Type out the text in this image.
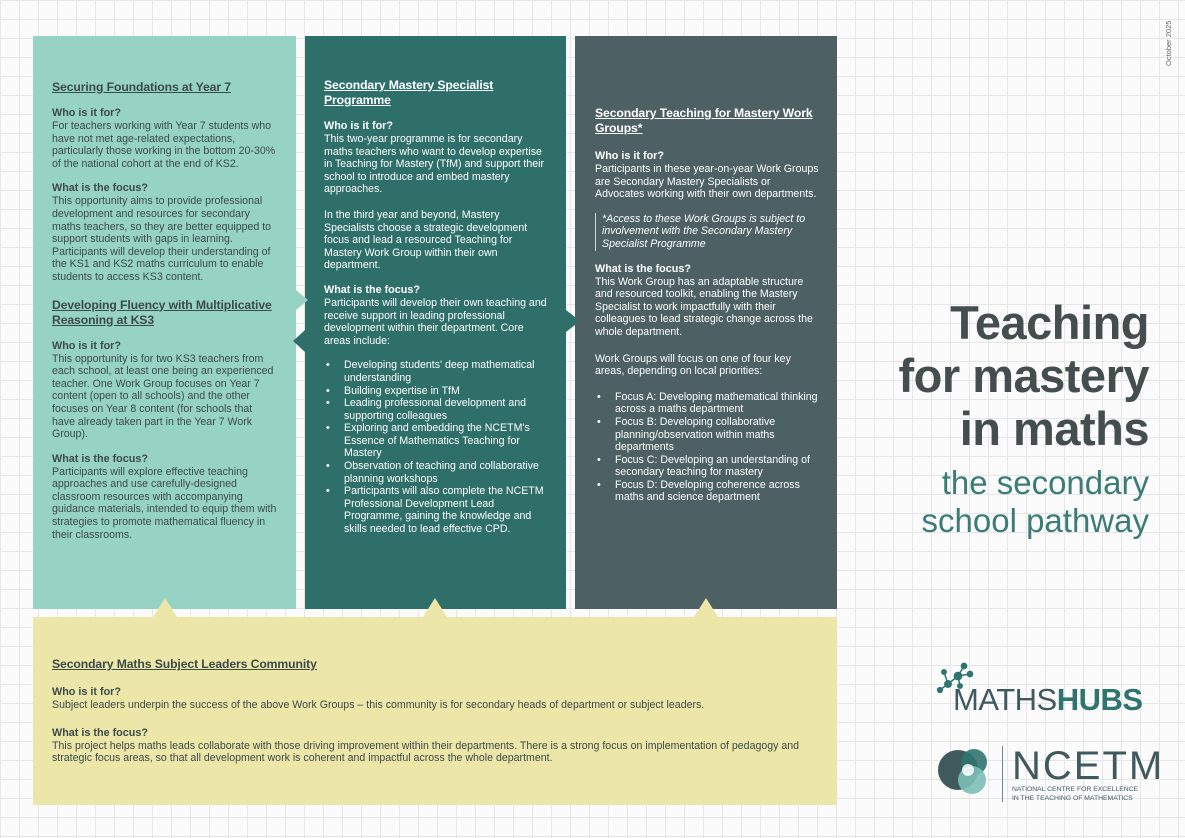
October 2025
Securing Foundations at Year 7
Who is it for?

For teachers working with Year 7 students who have not met age-related expectations, particularly those working in the bottom 20-30% of the national cohort at the end of KS2.

What is the focus?

This opportunity aims to provide professional development and resources for secondary maths teachers, so they are better equipped to support students with gaps in learning. Participants will develop their understanding of the KS1 and KS2 maths curriculum to enable students to access KS3 content.

Developing Fluency with Multiplicative Reasoning at KS3
Who is it for?

This opportunity is for two KS3 teachers from each school, at least one being an experienced teacher. One Work Group focuses on Year 7 content (open to all schools) and the other focuses on Year 8 content (for schools that have already taken part in the Year 7 Work Group).

What is the focus?

Participants will explore effective teaching approaches and use carefully-designed classroom resources with accompanying guidance materials, intended to equip them with strategies to promote mathematical fluency in their classrooms.

Secondary Mastery Specialist Programme
Who is it for?

This two-year programme is for secondary maths teachers who want to develop expertise in Teaching for Mastery (TfM) and support their school to introduce and embed mastery approaches.

In the third year and beyond, Mastery Specialists choose a strategic development focus and lead a resourced Teaching for Mastery Work Group within their own department.

What is the focus?

Participants will develop their own teaching and receive support in leading professional development within their department. Core areas include:

• Developing students' deep mathematical understanding
• Building expertise in TfM
• Leading professional development and supporting colleagues
• Exploring and embedding the NCETM's Essence of Mathematics Teaching for Mastery
• Observation of teaching and collaborative planning workshops
• Participants will also complete the NCETM Professional Development Lead Programme, gaining the knowledge and skills needed to lead effective CPD.
Secondary Teaching for Mastery Work Groups*
Who is it for?

Participants in these year-on-year Work Groups are Secondary Mastery Specialists or Advocates working with their own departments.

*Access to these Work Groups is subject to involvement with the Secondary Mastery Specialist Programme

What is the focus?

This Work Group has an adaptable structure and resourced toolkit, enabling the Mastery Specialist to work impactfully with their colleagues to lead strategic change across the whole department.

Work Groups will focus on one of four key areas, depending on local priorities:

• Focus A: Developing mathematical thinking across a maths department
• Focus B: Developing collaborative planning/observation within maths departments
• Focus C: Developing an understanding of secondary teaching for mastery
• Focus D: Developing coherence across maths and science department
Secondary Maths Subject Leaders Community
Who is it for?

Subject leaders underpin the success of the above Work Groups – this community is for secondary heads of department or subject leaders.

What is the focus?

This project helps maths leads collaborate with those driving improvement within their departments. There is a strong focus on implementation of pedagogy and strategic focus areas, so that all development work is coherent and impactful across the whole department.

Teaching
for mastery
in maths
the secondary
school pathway
MATHSHUBS
NCETM
NATIONAL CENTRE FOR EXCELLENCE
IN THE TEACHING OF MATHEMATICS
